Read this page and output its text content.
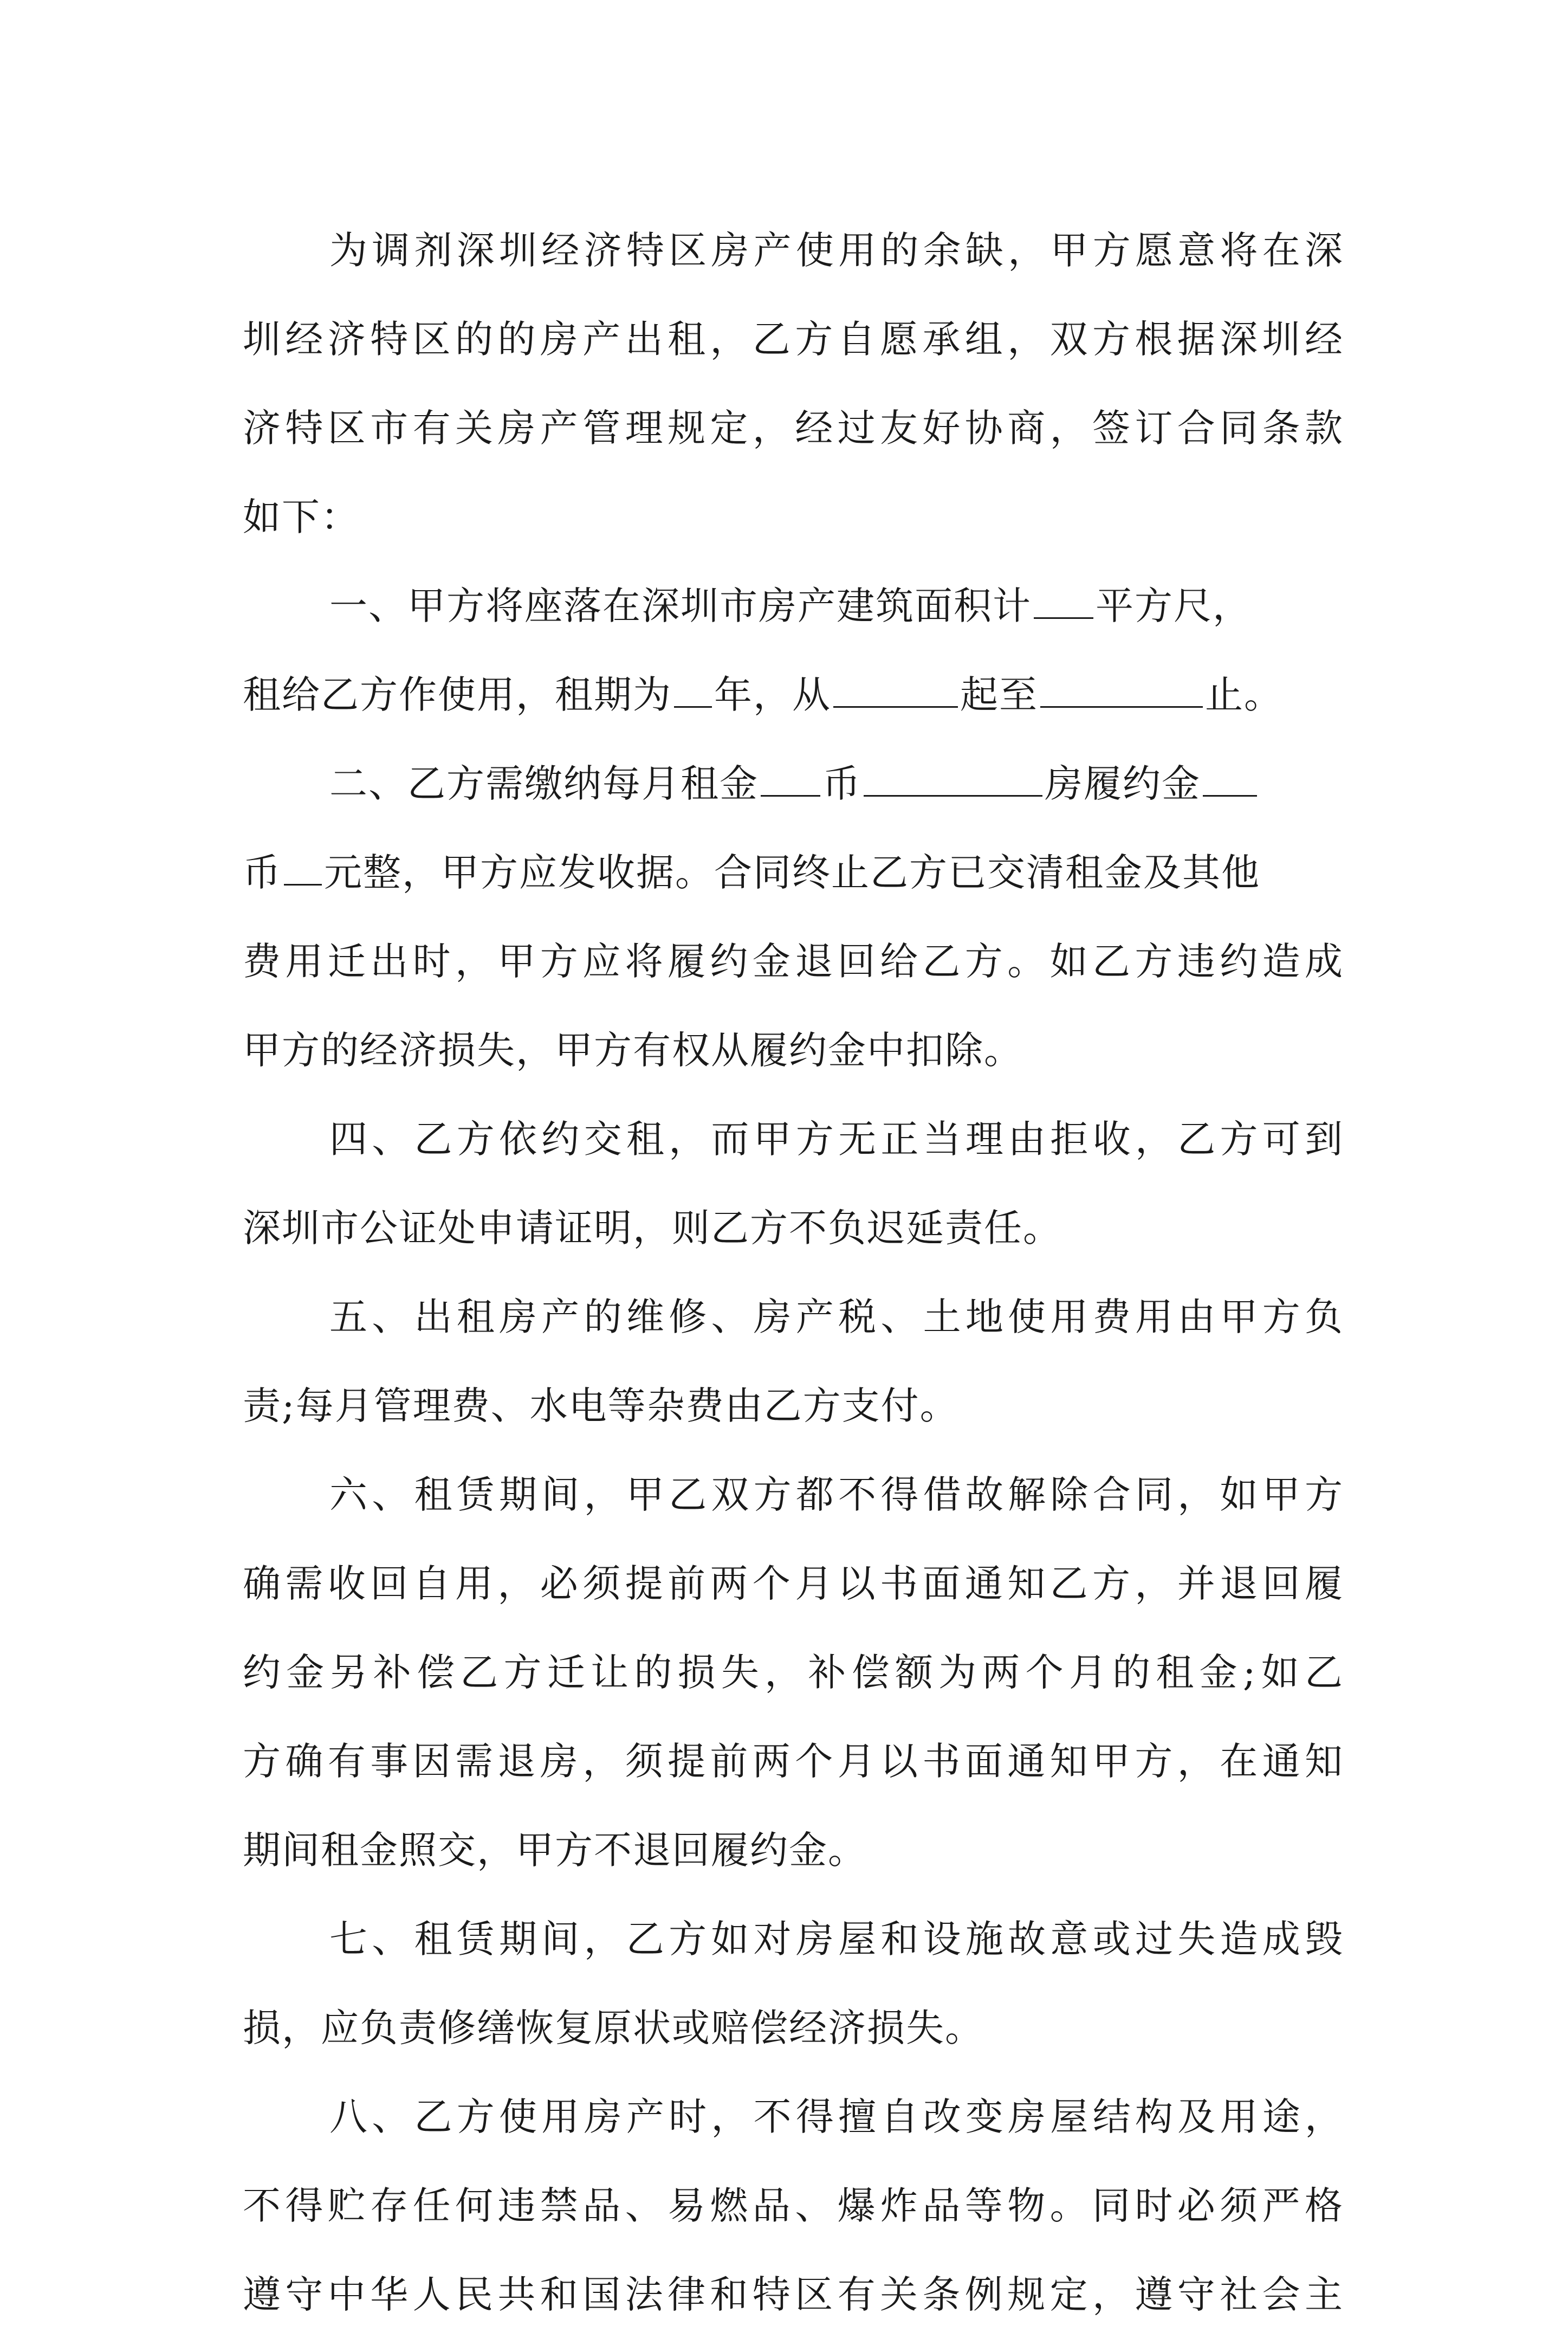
为调剂深圳经济特区房产使用的余缺，甲方愿意将在深
圳经济特区的的房产出租，乙方自愿承组，双方根据深圳经
济特区市有关房产管理规定，经过友好协商，签订合同条款
如下：
一、甲方将座落在深圳市房产建筑面积计 平方尺，
租给乙方作使用，租期为 年，从	起至	止。
二、乙方需缴纳每月租金 币	房履约金
币 元整，甲方应发收据。合同终止乙方已交清租金及其他
费用迁出时，甲方应将履约金退回给乙方。如乙方违约造成
甲方的经济损失，甲方有权从履约金中扣除。
四、乙方依约交租，而甲方无正当理由拒收，乙方可到
深圳市公证处申请证明，则乙方不负迟延责任。
五、出租房产的维修、房产税、土地使用费用由甲方负
责;每月管理费、水电等杂费由乙方支付。
六、租赁期间，甲乙双方都不得借故解除合同，如甲方
确需收回自用，必须提前两个月以书面通知乙方，并退回履
约金另补偿乙方迁让的损失，补偿额为两个月的租金;如乙
方确有事因需退房，须提前两个月以书面通知甲方，在通知
期间租金照交，甲方不退回履约金。
七、租赁期间，乙方如对房屋和设施故意或过失造成毁
损，应负责修缮恢复原状或赔偿经济损失。
八、乙方使用房产时，不得擅自改变房屋结构及用途，
不得贮存任何违禁品、易燃品、爆炸品等物。同时必须严格
遵守中华人民共和国法律和特区有关条例规定，遵守社会主
